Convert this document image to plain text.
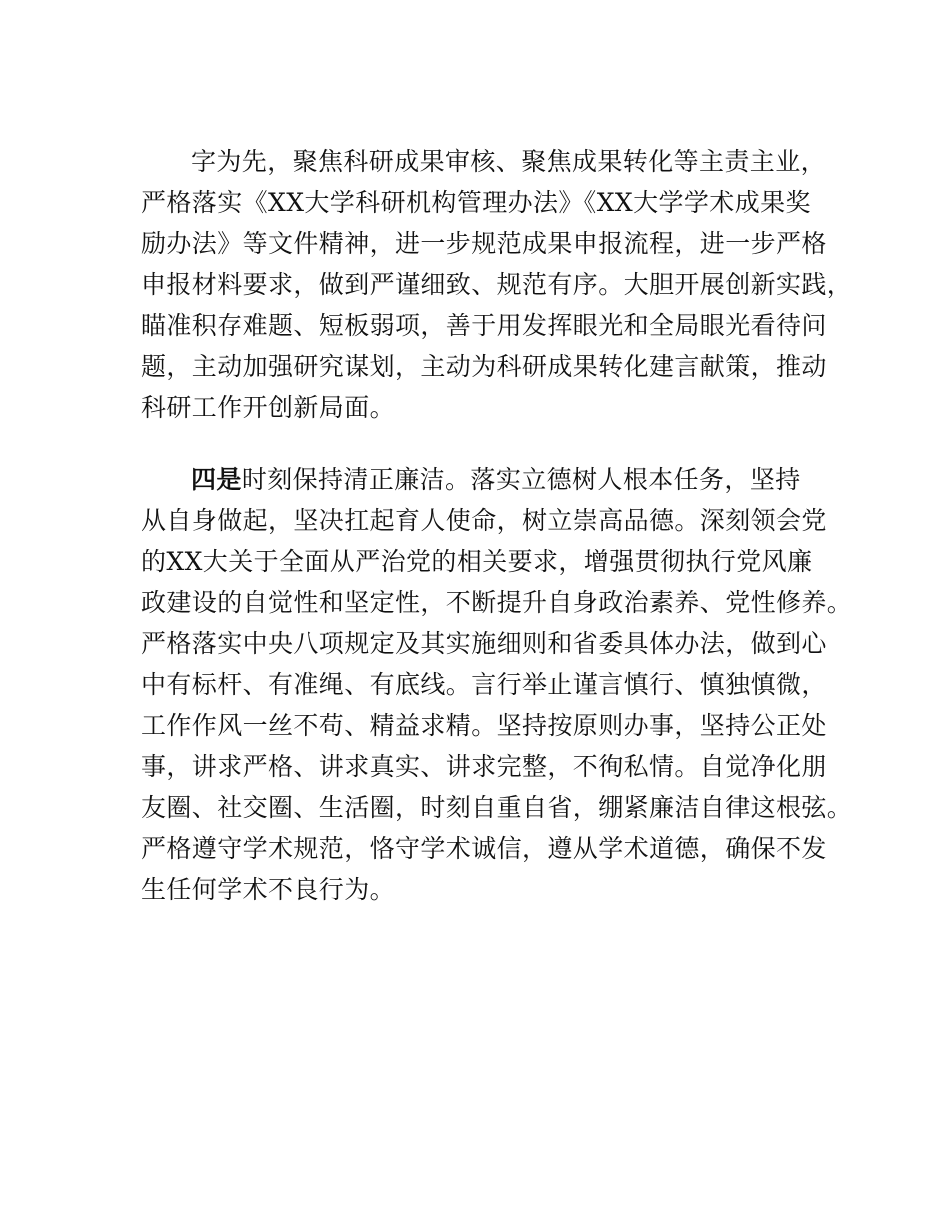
字为先，聚焦科研成果审核、聚焦成果转化等主责主业，
严格落实《XX大学科研机构管理办法》《XX大学学术成果奖
励办法》等文件精神，进一步规范成果申报流程，进一步严格
申报材料要求，做到严谨细致、规范有序。大胆开展创新实践，
瞄准积存难题、短板弱项，善于用发挥眼光和全局眼光看待问
题，主动加强研究谋划，主动为科研成果转化建言献策，推动
科研工作开创新局面。
四是时刻保持清正廉洁。落实立德树人根本任务，坚持
从自身做起，坚决扛起育人使命，树立崇高品德。深刻领会党
的XX大关于全面从严治党的相关要求，增强贯彻执行党风廉
政建设的自觉性和坚定性，不断提升自身政治素养、党性修养。
严格落实中央八项规定及其实施细则和省委具体办法，做到心
中有标杆、有准绳、有底线。言行举止谨言慎行、慎独慎微，
工作作风一丝不苟、精益求精。坚持按原则办事，坚持公正处
事，讲求严格、讲求真实、讲求完整，不徇私情。自觉净化朋
友圈、社交圈、生活圈，时刻自重自省，绷紧廉洁自律这根弦。
严格遵守学术规范，恪守学术诚信，遵从学术道德，确保不发
生任何学术不良行为。
